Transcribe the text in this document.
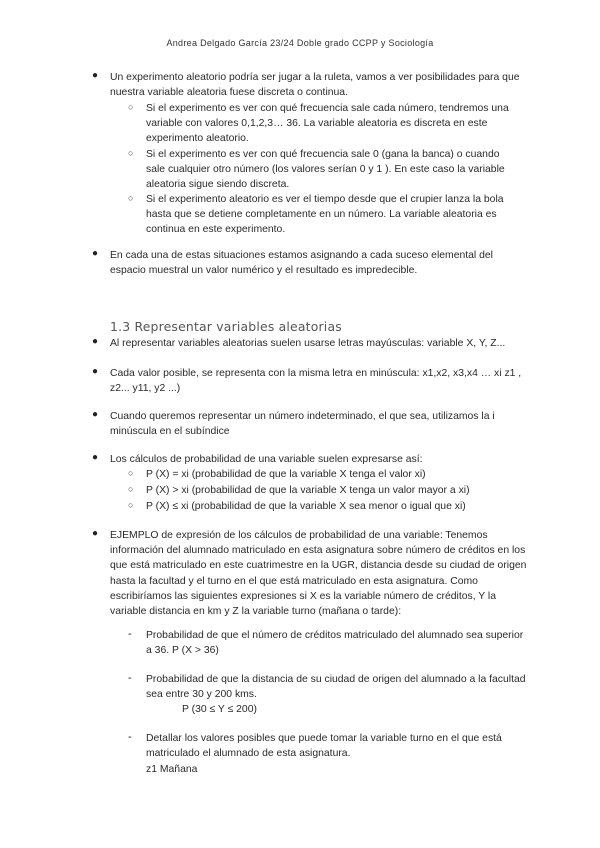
Andrea Delgado García 23/24 Doble grado CCPP y Sociología
● Un experimento aleatorio podría ser jugar a la ruleta, vamos a ver posibilidades para que nuestra variable aleatoria fuese discreta o continua.
○ Si el experimento es ver con qué frecuencia sale cada número, tendremos una variable con valores 0,1,2,3… 36. La variable aleatoria es discreta en este experimento aleatorio.
○ Si el experimento es ver con qué frecuencia sale 0 (gana la banca) o cuando sale cualquier otro número (los valores serían 0 y 1 ). En este caso la variable aleatoria sigue siendo discreta.
○ Si el experimento aleatorio es ver el tiempo desde que el crupier lanza la bola hasta que se detiene completamente en un número. La variable aleatoria es continua en este experimento.
● En cada una de estas situaciones estamos asignando a cada suceso elemental del espacio muestral un valor numérico y el resultado es impredecible.
1.3 Representar variables aleatorias
● Al representar variables aleatorias suelen usarse letras mayúsculas: variable X, Y, Z...
● Cada valor posible, se representa con la misma letra en minúscula: x1,x2, x3,x4 … xi z1 , z2... y11, y2 ...)
● Cuando queremos representar un número indeterminado, el que sea, utilizamos la i minúscula en el subíndice
● Los cálculos de probabilidad de una variable suelen expresarse así:
○ P (X) = xi (probabilidad de que la variable X tenga el valor xi)
○ P (X) > xi (probabilidad de que la variable X tenga un valor mayor a xi)
○ P (X) ≤ xi (probabilidad de que la variable X sea menor o igual que xi)
● EJEMPLO de expresión de los cálculos de probabilidad de una variable: Tenemos información del alumnado matriculado en esta asignatura sobre número de créditos en los que está matriculado en este cuatrimestre en la UGR, distancia desde su ciudad de origen hasta la facultad y el turno en el que está matriculado en esta asignatura. Como escribiríamos las siguientes expresiones si X es la variable número de créditos, Y la variable distancia en km y Z la variable turno (mañana o tarde):
- Probabilidad de que el número de créditos matriculado del alumnado sea superior a 36. P (X > 36)
- Probabilidad de que la distancia de su ciudad de origen del alumnado a la facultad sea entre 30 y 200 kms.
P (30 ≤ Y ≤ 200)
- Detallar los valores posibles que puede tomar la variable turno en el que está matriculado el alumnado de esta asignatura.
z1 Mañana
